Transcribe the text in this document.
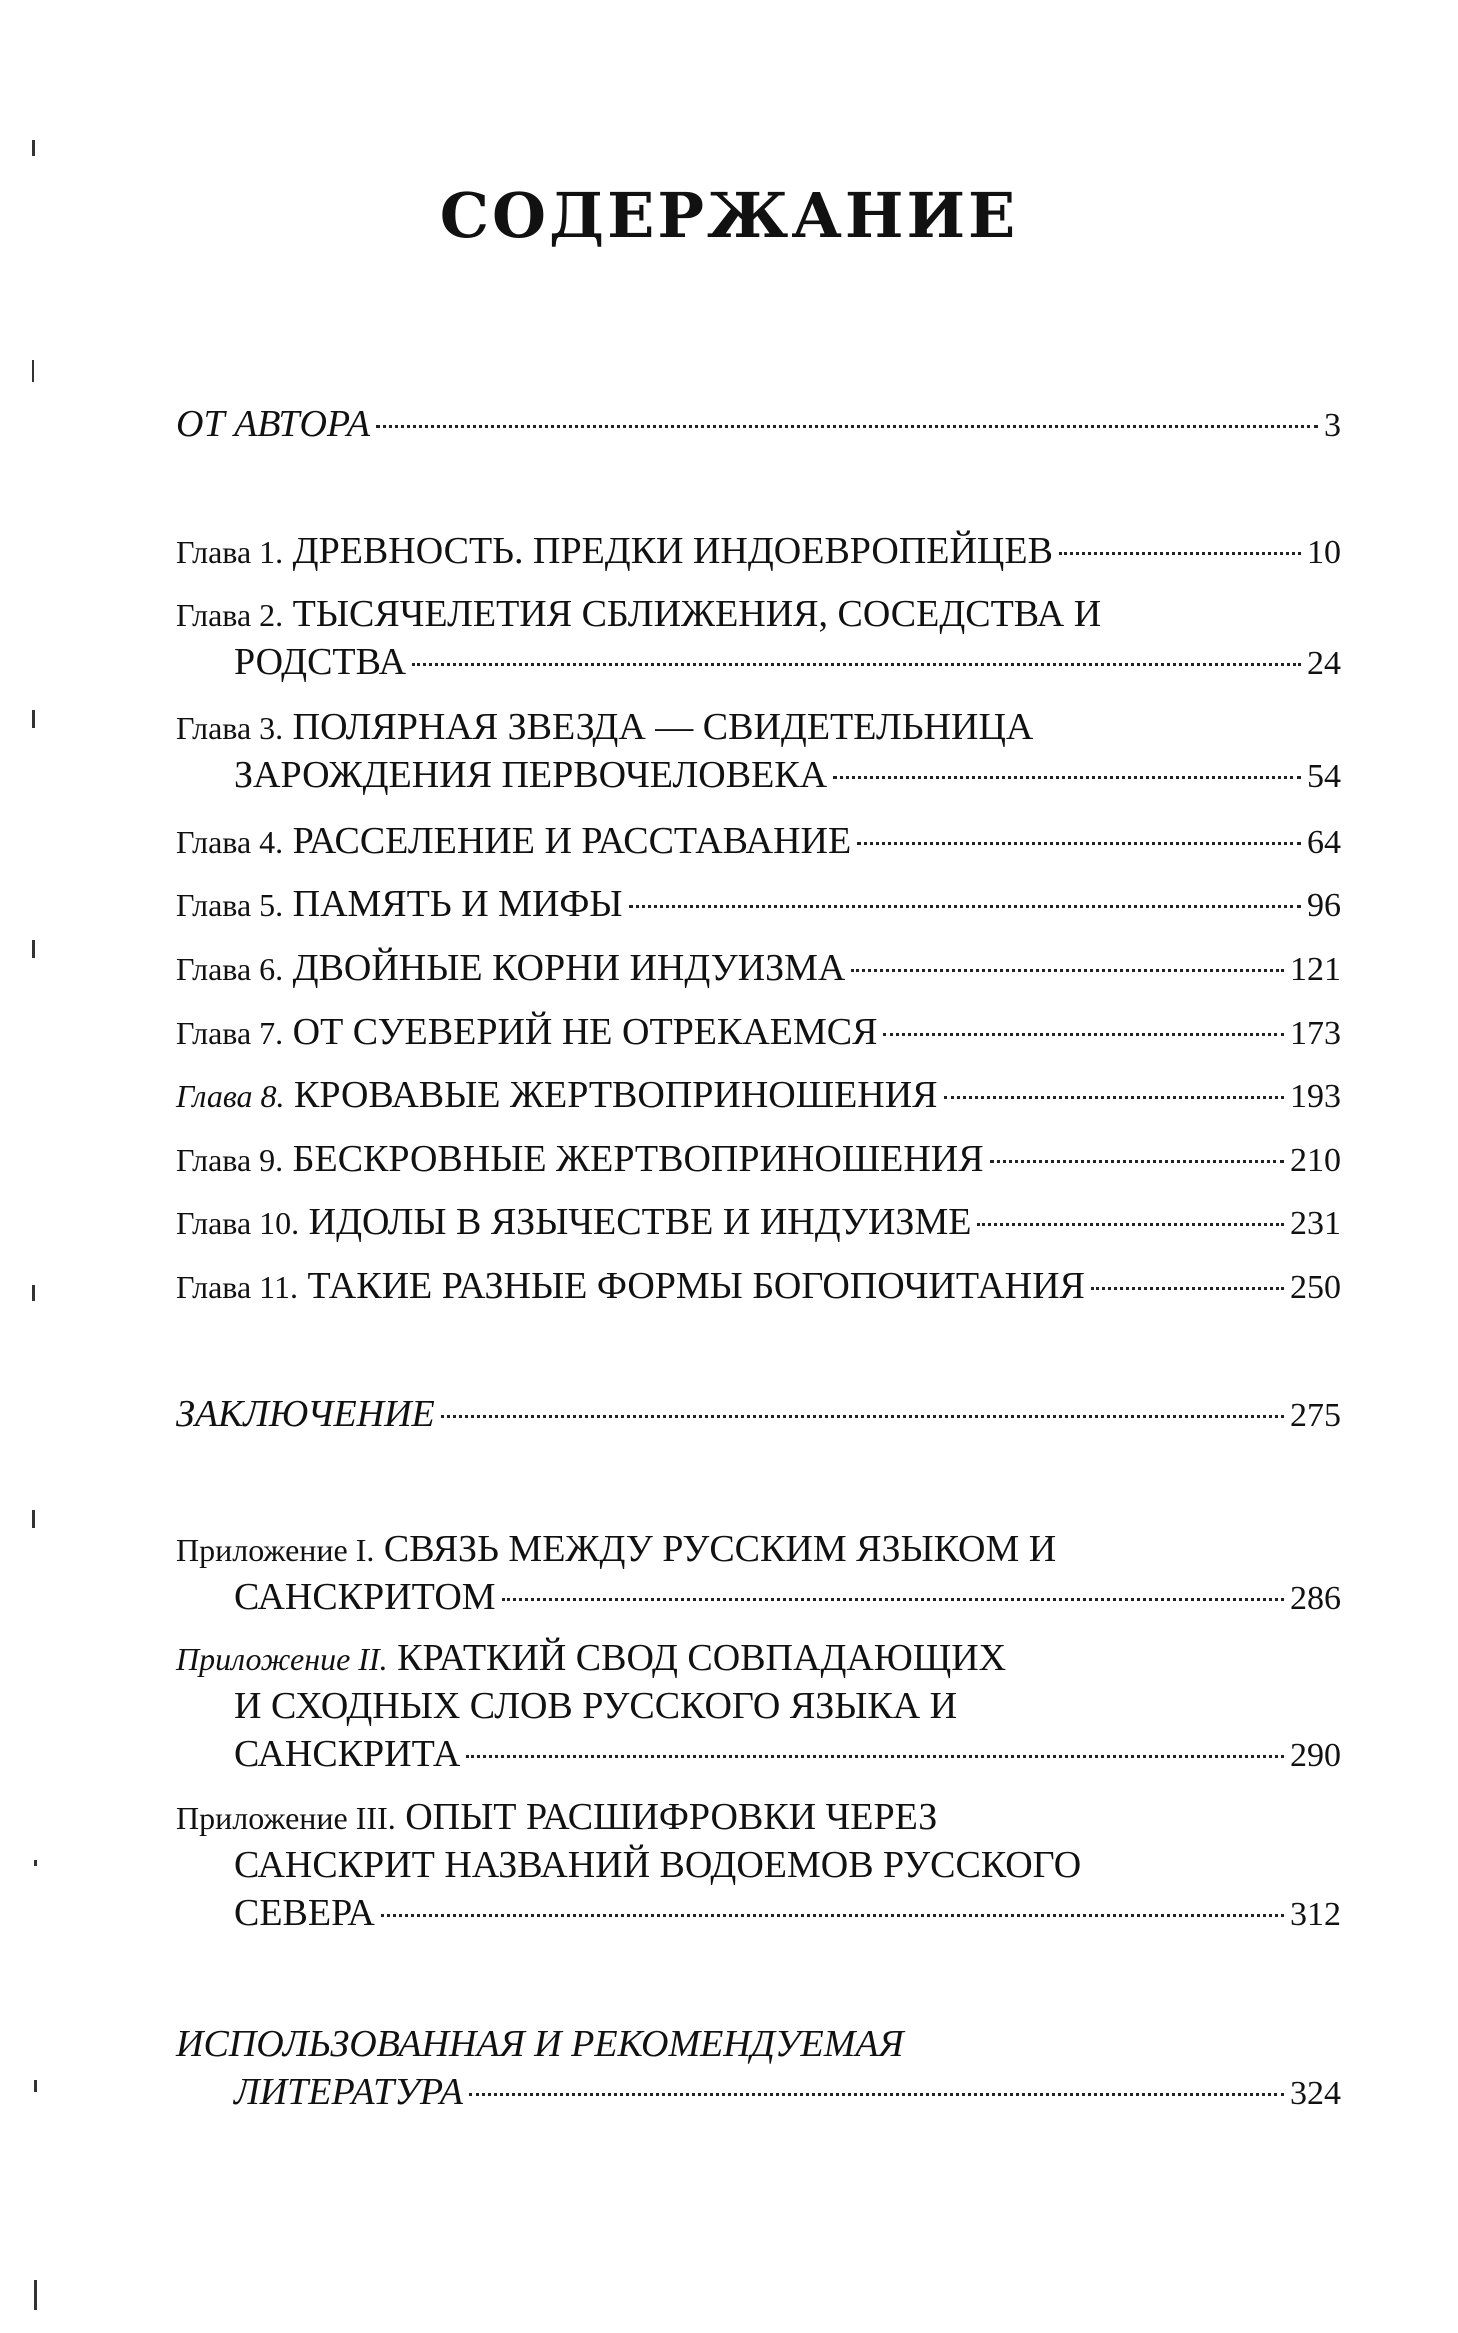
СОДЕРЖАНИЕ
ОТ АВТОРА	3
Глава 1. ДРЕВНОСТЬ. ПРЕДКИ ИНДОЕВРОПЕЙЦЕВ	10
Глава 2. ТЫСЯЧЕЛЕТИЯ СБЛИЖЕНИЯ, СОСЕДСТВА И
РОДСТВА	24
Глава 3. ПОЛЯРНАЯ ЗВЕЗДА — СВИДЕТЕЛЬНИЦА
ЗАРОЖДЕНИЯ ПЕРВОЧЕЛОВЕКА	54
Глава 4. РАССЕЛЕНИЕ И РАССТАВАНИЕ	64
Глава 5. ПАМЯТЬ И МИФЫ	96
Глава 6. ДВОЙНЫЕ КОРНИ ИНДУИЗМА	121
Глава 7. ОТ СУЕВЕРИЙ НЕ ОТРЕКАЕМСЯ	173
Глава 8. КРОВАВЫЕ ЖЕРТВОПРИНОШЕНИЯ	193
Глава 9. БЕСКРОВНЫЕ ЖЕРТВОПРИНОШЕНИЯ	210
Глава 10. ИДОЛЫ В ЯЗЫЧЕСТВЕ И ИНДУИЗМЕ	231
Глава 11. ТАКИЕ РАЗНЫЕ ФОРМЫ БОГОПОЧИТАНИЯ	250
ЗАКЛЮЧЕНИЕ	275
Приложение I. СВЯЗЬ МЕЖДУ РУССКИМ ЯЗЫКОМ И
САНСКРИТОМ	286
Приложение II. КРАТКИЙ СВОД СОВПАДАЮЩИХ
И СХОДНЫХ СЛОВ РУССКОГО ЯЗЫКА И
САНСКРИТА	290
Приложение III. ОПЫТ РАСШИФРОВКИ ЧЕРЕЗ
САНСКРИТ НАЗВАНИЙ ВОДОЕМОВ РУССКОГО
СЕВЕРА	312
ИСПОЛЬЗОВАННАЯ И РЕКОМЕНДУЕМАЯ
ЛИТЕРАТУРА	324
